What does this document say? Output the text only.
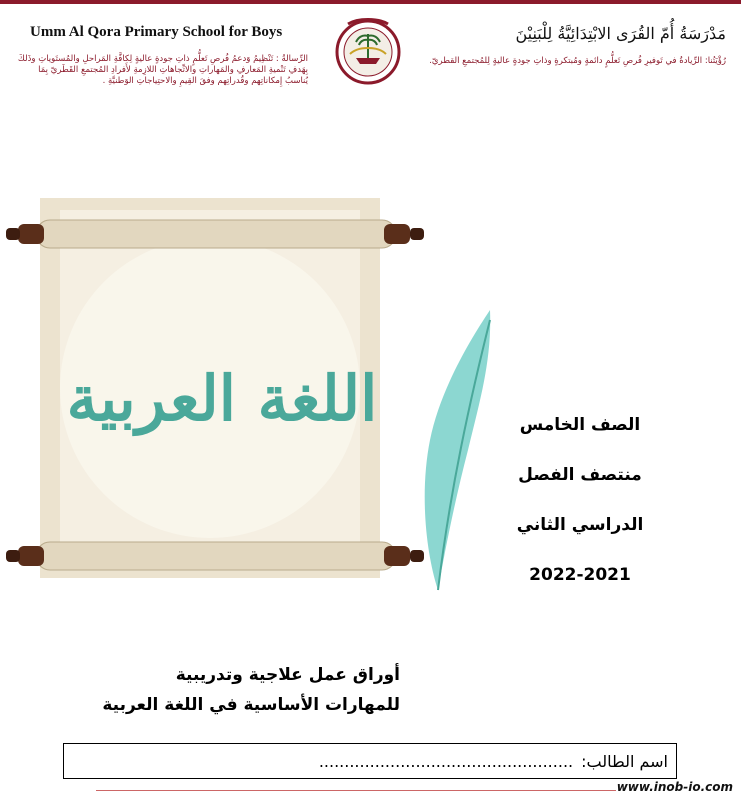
Umm Al Qora Primary School for Boys
الرِّسالةُ : تَنْظِيمُ وَدعمُ فُرصِ تَعلُّمٍ ذاتِ جودةٍ عاليةٍ لِكافَّةِ المَراحلِ والمُستَوياتِ وذَلكَ بِهَدفِ تَنْميةِ المَعارفِ والمَهاراتِ والاتِّجاهاتِ اللازِمةِ لأَفرادِ المُجتمعِ القَطَريّ بِمَا يُناسبُ إِمكاناتِهم وقُدراتِهم وفقَ القِيمِ والاحتِياجاتِ الوَطنيَّةِ .
مَدْرَسَةُ أُمّ القُرَى الابْتِدَائِيَّةُ لِلْبَنِيْنَ
رُؤْيَتُنا: الرِّيادةُ في تَوفيرِ فُرصِ تَعلُّمٍ دائمةٍ ومُبتكرةٍ وذاتِ جودةٍ عاليةٍ لِلمُجتمعِ القطريّ.
اللغة العربية	الصف الخامس
منتصف الفصل
الدراسي الثاني
2022-2021
أوراق عمل علاجية وتدريبية
للمهارات الأساسية في اللغة العربية
اسم الطالب:
..................................................
www.inob-io.com
